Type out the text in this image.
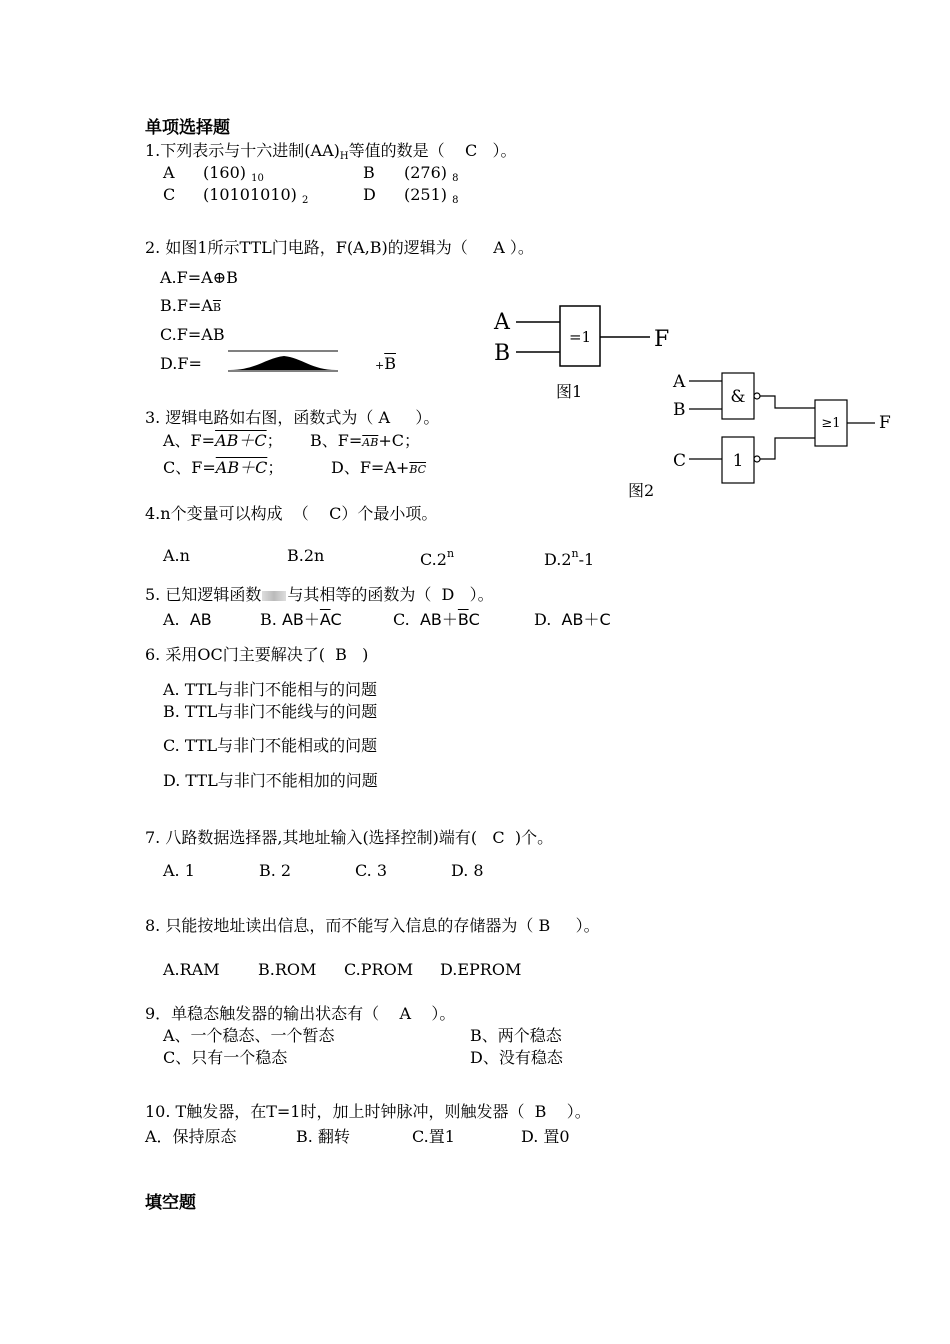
单项选择题
1.下列表示与十六进制$(AA)_H$等值的数是（    C   ）。
A (160) $_{10}$	B (276) $_8$
C (10101010) $_2$	D (251) $_8$
2. 如图1所示TTL门电路，F(A,B)的逻辑为（     A ）。
A.F=A⊕B
$B.F=A\overline{B}$
C.F=AB
D.F=	$+\overline{B}$
A
B
=1	F
图1	A
B
C
&
1
≥1 F
图2
3. 逻辑电路如右图，函数式为（ A     ）。
A、F=AB＋C； B、$F=\overline{AB}+C$；
C、F=AB＋C；	D、$F=A+\overline{BC}$
4.n个变量可以构成  （    C）个最小项。
A.n	B.2n	C.2$^n$	D.2$^n$-1
5. 已知逻辑函数 与其相等的函数为（  D   ）。
A. AB	B. $AB+\overline{A}C$	C. $AB+\overline{B}C$	D. AB＋C
6. 采用OC门主要解决了(  B   )
A. TTL与非门不能相与的问题
B. TTL与非门不能线与的问题
C. TTL与非门不能相或的问题
D. TTL与非门不能相加的问题
7. 八路数据选择器,其地址输入(选择控制)端有(   C  )个。
A. 1	B. 2	C. 3	D. 8
8. 只能按地址读出信息，而不能写入信息的存储器为（ B     ）。
A.RAM B.ROM C.PROM D.EPROM
9．单稳态触发器的输出状态有（    A    ）。
A、一个稳态、一个暂态	B、两个稳态
C、只有一个稳态	D、没有稳态
10. T触发器，在T=1时，加上时钟脉冲，则触发器（  B    ）。
A．保持原态	B. 翻转	C.置1	D. 置0
填空题
